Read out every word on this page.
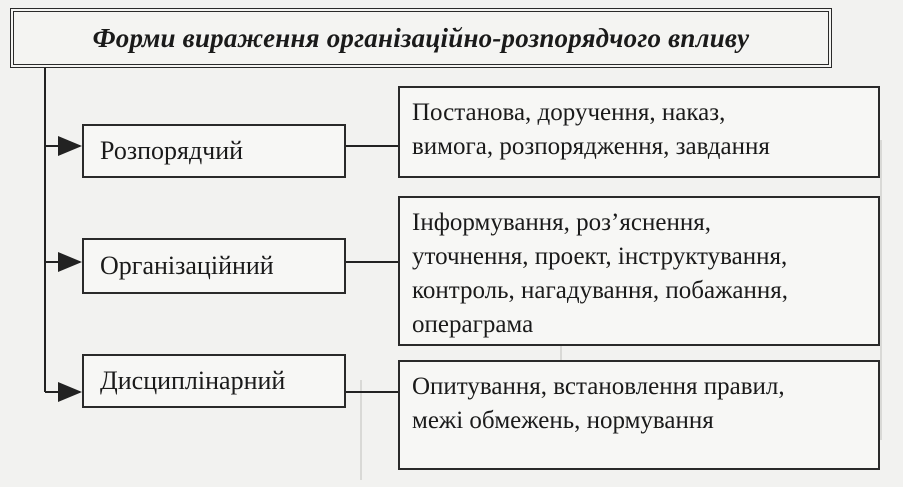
Форми вираження організаційно-розпорядчого впливу
Розпорядчий
Організаційний
Дисциплінарний
Постанова, доручення, наказ,
вимога, розпорядження, завдання
Інформування, роз’яснення,
уточнення, проект, інструктування,
контроль, нагадування, побажання,
операграма
Опитування, встановлення правил,
межі обмежень, нормування
